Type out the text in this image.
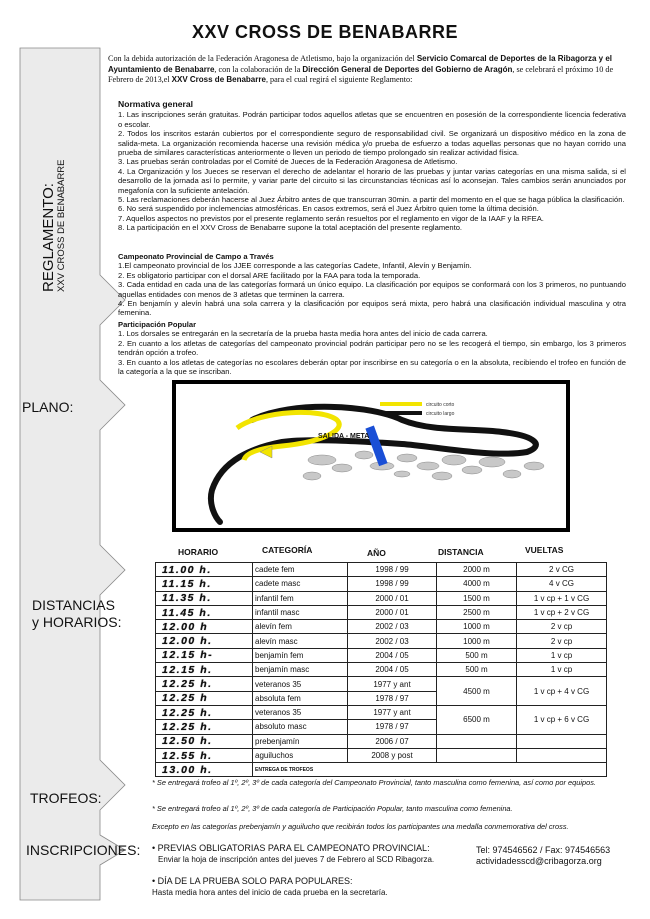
XXV CROSS DE BENABARRE
REGLAMENTO: XXV CROSS DE BENABARRE
PLANO:
DISTANCIAS
y HORARIOS:
TROFEOS:
INSCRIPCIONES:
Con la debida autorización de la Federación Aragonesa de Atletismo, bajo la organización del Servicio Comarcal de Deportes de la Ribagorza y el Ayuntamiento de Benabarre, con la colaboración de la Dirección General de Deportes del Gobierno de Aragón, se celebrará el próximo 10 de Febrero de 2013,el XXV Cross de Benabarre, para el cual regirá el siguiente Reglamento:
Normativa general

1. Las inscripciones serán gratuitas. Podrán participar todos aquellos atletas que se encuentren en posesión de la correspondiente licencia federativa o escolar.

2. Todos los inscritos estarán cubiertos por el correspondiente seguro de responsabilidad civil. Se organizará un dispositivo médico en la zona de salida-meta. La organización recomienda hacerse una revisión médica y/o prueba de esfuerzo a todas aquellas personas que no hayan corrido una prueba de similares características anteriormente o lleven un periodo de tiempo prolongado sin realizar actividad física.

3. Las pruebas serán controladas por el Comité de Jueces de la Federación Aragonesa de Atletismo.

4. La Organización y los Jueces se reservan el derecho de adelantar el horario de las pruebas y juntar varias categorías en una misma salida, si el desarrollo de la jornada así lo permite, y variar parte del circuito si las circunstancias técnicas así lo aconsejan. Tales cambios serán anunciados por megafonía con la suficiente antelación.

5. Las reclamaciones deberán hacerse al Juez Árbitro antes de que transcurran 30min. a partir del momento en el que se haga pública la clasificación.

6. No será suspendido por inclemencias atmosféricas. En casos extremos, será el Juez Árbitro quien tome la última decisión.

7. Aquellos aspectos no previstos por el presente reglamento serán resueltos por el reglamento en vigor de la IAAF y la RFEA.

8. La participación en el XXV Cross de Benabarre supone la total aceptación del presente reglamento.

Campeonato Provincial de Campo a Través

1.El campeonato provincial de los JJEE corresponde a las categorías Cadete, Infantil, Alevín y Benjamín.

2. Es obligatorio participar con el dorsal ARE facilitado por la FAA para toda la temporada.

3. Cada entidad en cada una de las categorías formará un único equipo. La clasificación por equipos se conformará con los 3 primeros, no puntuando aquellas entidades con menos de 3 atletas que terminen la carrera.

4. En benjamín y alevín habrá una sola carrera y la clasificación por equipos será mixta, pero habrá una clasificación individual masculina y otra femenina.

Participación Popular

1. Los dorsales se entregarán en la secretaría de la prueba hasta media hora antes del inicio de cada carrera.

2. En cuanto a los atletas de categorías del campeonato provincial podrán participar pero no se les recogerá el tiempo, sin embargo, los 3 primeros tendrán opción a trofeo.

3. En cuanto a los atletas de categorías no escolares deberán optar por inscribirse en su categoría o en la absoluta, recibiendo el trofeo en función de la categoría a la que se inscriban.

SALIDA - META
circuito corto
circuito largo
HORARIO	CATEGORÍA	AÑO	DISTANCIA	VUELTAS
11.00 h.	cadete fem	1998 / 99	2000 m	2 v CG
11.15 h.	cadete masc	1998 / 99	4000 m	4 v CG
11.35 h.	infantil fem	2000 / 01	1500 m	1 v cp + 1 v CG
11.45 h.	infantil masc	2000 / 01	2500 m	1 v cp + 2 v CG
12.00 h	alevín fem	2002 / 03	1000 m	2 v cp
12.00 h.	alevín masc	2002 / 03	1000 m	2 v cp
12.15 h-	benjamín fem	2004 / 05	500 m	1 v cp
12.15 h.	benjamín masc	2004 / 05	500 m	1 v cp
12.25 h.	veteranos 35	1977 y ant	4500 m	1 v cp + 4 v CG
12.25 h	absoluta fem	1978 / 97		
12.25 h.	veteranos 35	1977 y ant	6500 m	1 v cp + 6 v CG
12.25 h.	absoluto masc	1978 / 97		
12.50 h.	prebenjamín	2006 / 07		
12.55 h.	aguiluchos	2008 y post		
13.00 h.	ENTREGA DE TROFEOS			
* Se entregará trofeo al 1º, 2º, 3º de cada categoría del Campeonato Provincial, tanto masculina como femenina, así como por equipos.
* Se entregará trofeo al 1º, 2º, 3º de cada categoría de Participación Popular, tanto masculina como femenina.
Excepto en las categorías prebenjamín y aguilucho que recibirán todos los participantes una medalla conmemorativa del cross.
• PREVIAS OBLIGATORIAS PARA EL CAMPEONATO PROVINCIAL:
Enviar la hoja de inscripción antes del jueves 7 de Febrero al SCD Ribagorza.
Tel: 974546562 / Fax: 974546563
actividadesscd@cribagorza.org
• DÍA DE LA PRUEBA SOLO PARA POPULARES:
Hasta media hora antes del inicio de cada prueba en la secretaría.
